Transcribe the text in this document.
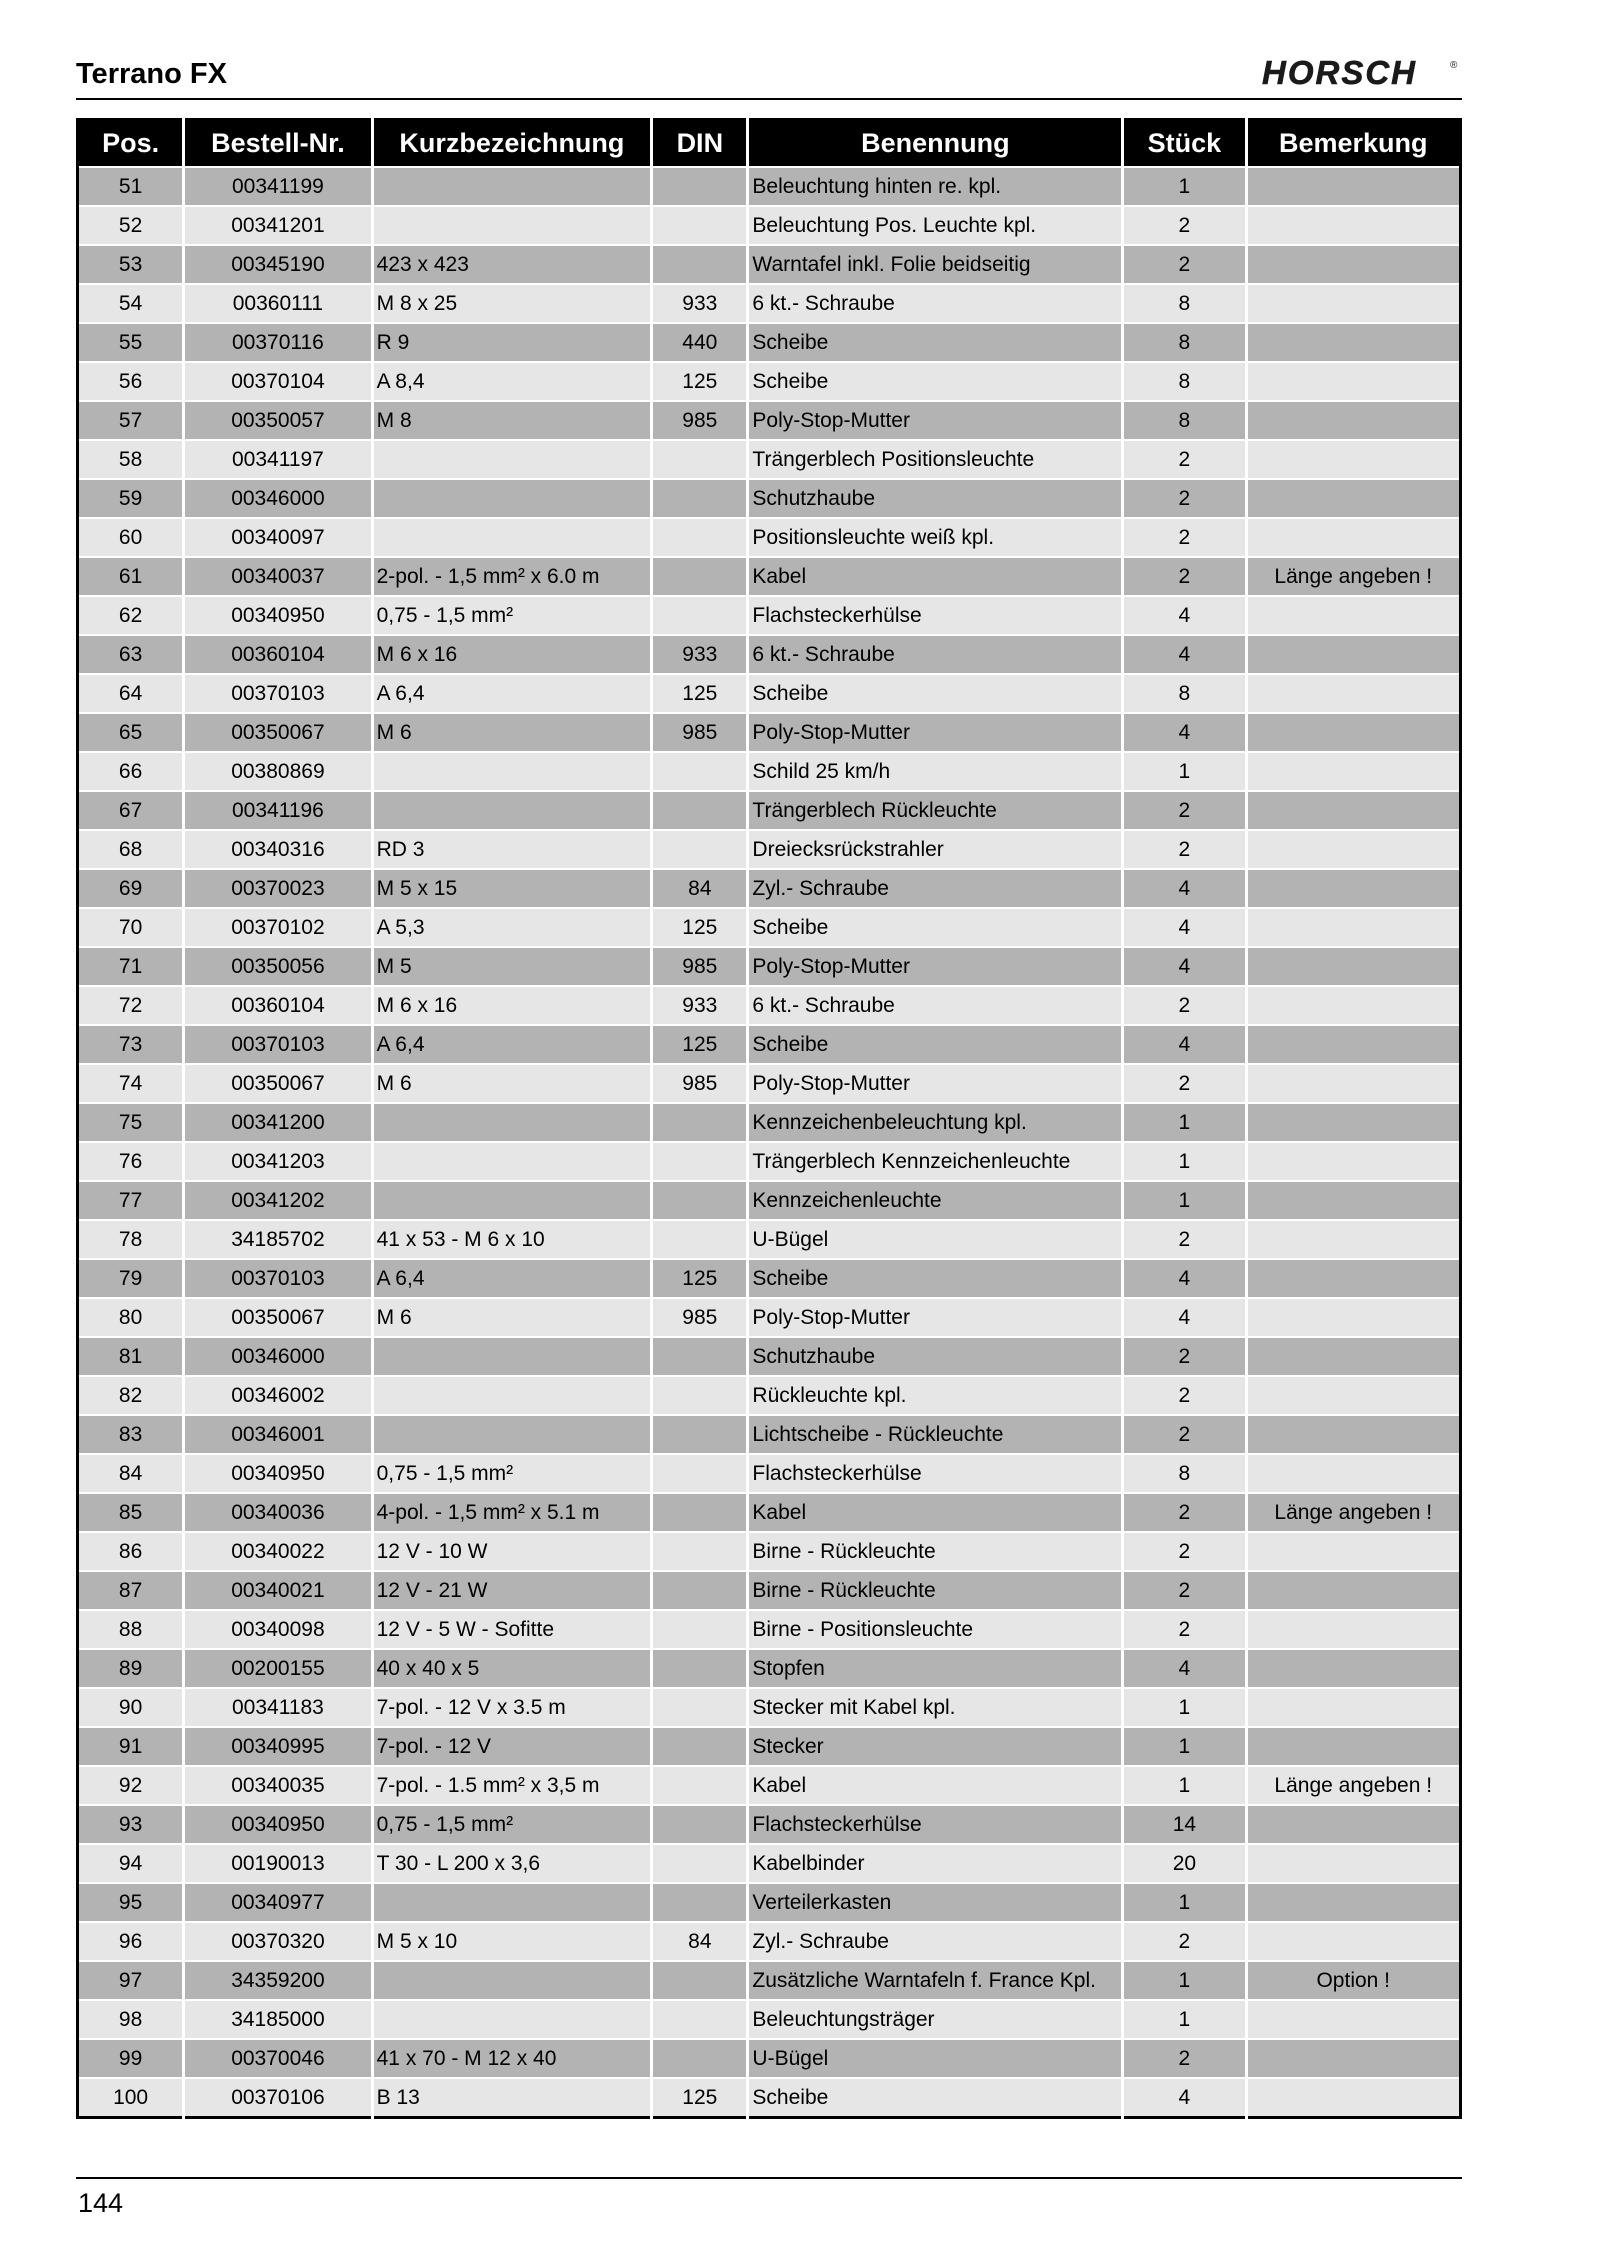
Terrano FX	HORSCH	®
Pos.	Bestell-Nr.	Kurzbezeichnung	DIN	Benennung	Stück	Bemerkung
51	00341199			Beleuchtung hinten re. kpl.	1	
52	00341201			Beleuchtung Pos. Leuchte kpl.	2	
53	00345190	423 x 423		Warntafel inkl. Folie beidseitig	2	
54	00360111	M 8 x 25	933	6 kt.- Schraube	8	
55	00370116	R 9	440	Scheibe	8	
56	00370104	A 8,4	125	Scheibe	8	
57	00350057	M 8	985	Poly-Stop-Mutter	8	
58	00341197			Trängerblech Positionsleuchte	2	
59	00346000			Schutzhaube	2	
60	00340097			Positionsleuchte weiß kpl.	2	
61	00340037	2-pol. - 1,5 mm² x 6.0 m		Kabel	2	Länge angeben !
62	00340950	0,75 - 1,5 mm²		Flachsteckerhülse	4	
63	00360104	M 6 x 16	933	6 kt.- Schraube	4	
64	00370103	A 6,4	125	Scheibe	8	
65	00350067	M 6	985	Poly-Stop-Mutter	4	
66	00380869			Schild 25 km/h	1	
67	00341196			Trängerblech Rückleuchte	2	
68	00340316	RD 3		Dreiecksrückstrahler	2	
69	00370023	M 5 x 15	84	Zyl.- Schraube	4	
70	00370102	A 5,3	125	Scheibe	4	
71	00350056	M 5	985	Poly-Stop-Mutter	4	
72	00360104	M 6 x 16	933	6 kt.- Schraube	2	
73	00370103	A 6,4	125	Scheibe	4	
74	00350067	M 6	985	Poly-Stop-Mutter	2	
75	00341200			Kennzeichenbeleuchtung kpl.	1	
76	00341203			Trängerblech Kennzeichenleuchte	1	
77	00341202			Kennzeichenleuchte	1	
78	34185702	41 x 53 - M 6 x 10		U-Bügel	2	
79	00370103	A 6,4	125	Scheibe	4	
80	00350067	M 6	985	Poly-Stop-Mutter	4	
81	00346000			Schutzhaube	2	
82	00346002			Rückleuchte kpl.	2	
83	00346001			Lichtscheibe - Rückleuchte	2	
84	00340950	0,75 - 1,5 mm²		Flachsteckerhülse	8	
85	00340036	4-pol. - 1,5 mm² x 5.1 m		Kabel	2	Länge angeben !
86	00340022	12 V - 10 W		Birne - Rückleuchte	2	
87	00340021	12 V - 21 W		Birne - Rückleuchte	2	
88	00340098	12 V - 5 W - Sofitte		Birne - Positionsleuchte	2	
89	00200155	40 x 40 x 5		Stopfen	4	
90	00341183	7-pol. - 12 V x 3.5 m		Stecker mit Kabel kpl.	1	
91	00340995	7-pol. - 12 V		Stecker	1	
92	00340035	7-pol. - 1.5 mm² x 3,5 m		Kabel	1	Länge angeben !
93	00340950	0,75 - 1,5 mm²		Flachsteckerhülse	14	
94	00190013	T 30 - L 200 x 3,6		Kabelbinder	20	
95	00340977			Verteilerkasten	1	
96	00370320	M 5 x 10	84	Zyl.- Schraube	2	
97	34359200			Zusätzliche Warntafeln f. France Kpl.	1	Option !
98	34185000			Beleuchtungsträger	1	
99	00370046	41 x 70 - M 12 x 40		U-Bügel	2	
100	00370106	B 13	125	Scheibe	4	
144
